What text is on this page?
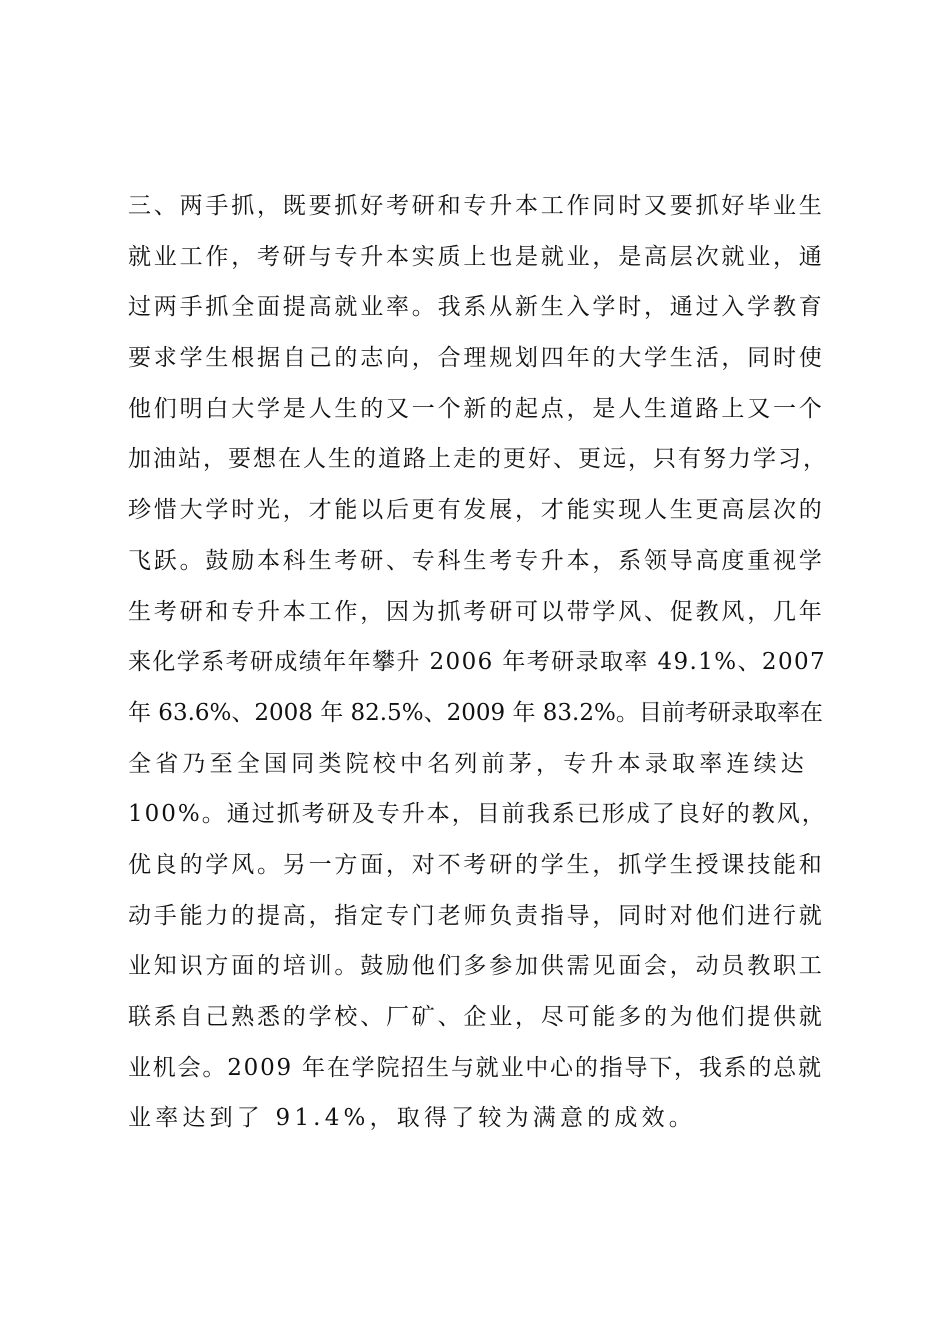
三、两手抓，既要抓好考研和专升本工作同时又要抓好毕业生
就业工作，考研与专升本实质上也是就业，是高层次就业，通
过两手抓全面提高就业率。我系从新生入学时，通过入学教育
要求学生根据自己的志向，合理规划四年的大学生活，同时使
他们明白大学是人生的又一个新的起点，是人生道路上又一个
加油站，要想在人生的道路上走的更好、更远，只有努力学习，
珍惜大学时光，才能以后更有发展，才能实现人生更高层次的
飞跃。鼓励本科生考研、专科生考专升本，系领导高度重视学
生考研和专升本工作，因为抓考研可以带学风、促教风，几年
来化学系考研成绩年年攀升 2006 年考研录取率 49.1%、2007
年 63.6%、2008 年 82.5%、2009 年 83.2%。目前考研录取率在
全省乃至全国同类院校中名列前茅，专升本录取率连续达
100%。通过抓考研及专升本，目前我系已形成了良好的教风，
优良的学风。另一方面，对不考研的学生，抓学生授课技能和
动手能力的提高，指定专门老师负责指导，同时对他们进行就
业知识方面的培训。鼓励他们多参加供需见面会，动员教职工
联系自己熟悉的学校、厂矿、企业，尽可能多的为他们提供就
业机会。2009 年在学院招生与就业中心的指导下，我系的总就
业率达到了 91.4%，取得了较为满意的成效。
